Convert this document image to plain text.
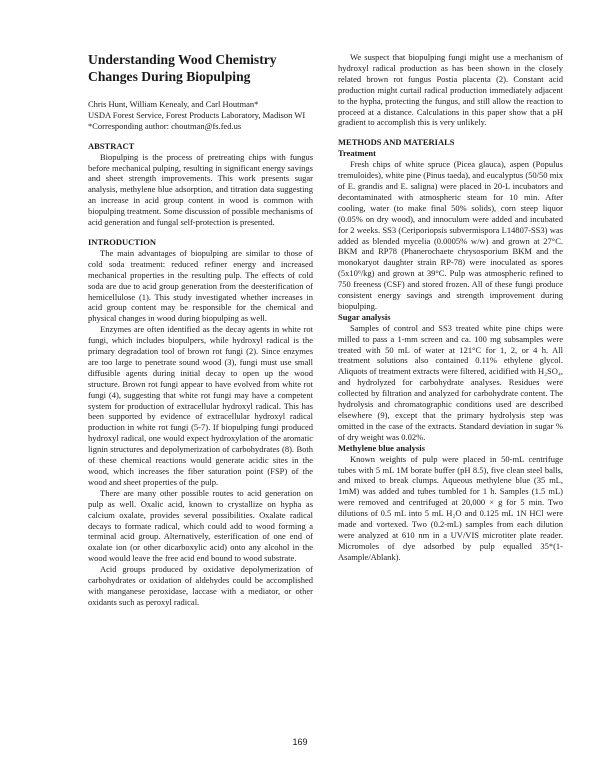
Understanding Wood Chemistry Changes During Biopulping
Chris Hunt, William Kenealy, and Carl Houtman*
USDA Forest Service, Forest Products Laboratory, Madison WI
*Corresponding author: choutman@fs.fed.us
ABSTRACT

Biopulping is the process of pretreating chips with fungus before mechanical pulping, resulting in significant energy savings and sheet strength improvements. This work presents sugar analysis, methylene blue adsorption, and titration data suggesting an increase in acid group content in wood is common with biopulping treatment. Some discussion of possible mechanisms of acid generation and fungal self-protection is presented.

INTRODUCTION

The main advantages of biopulping are similar to those of cold soda treatment: reduced refiner energy and increased mechanical properties in the resulting pulp. The effects of cold soda are due to acid group generation from the deesterification of hemicellulose (1). This study investigated whether increases in acid group content may be responsible for the chemical and physical changes in wood during biopulping as well.

Enzymes are often identified as the decay agents in white rot fungi, which includes biopulpers, while hydroxyl radical is the primary degradation tool of brown rot fungi (2). Since enzymes are too large to penetrate sound wood (3), fungi must use small diffusible agents during initial decay to open up the wood structure. Brown rot fungi appear to have evolved from white rot fungi (4), suggesting that white rot fungi may have a competent system for production of extracellular hydroxyl radical. This has been supported by evidence of extracellular hydroxyl radical production in white rot fungi (5-7). If biopulping fungi produced hydroxyl radical, one would expect hydroxylation of the aromatic lignin structures and depolymerization of carbohydrates (8). Both of these chemical reactions would generate acidic sites in the wood, which increases the fiber saturation point (FSP) of the wood and sheet properties of the pulp.

There are many other possible routes to acid generation on pulp as well. Oxalic acid, known to crystallize on hypha as calcium oxalate, provides several possibilities. Oxalate radical decays to formate radical, which could add to wood forming a terminal acid group. Alternatively, esterification of one end of oxalate ion (or other dicarboxylic acid) onto any alcohol in the wood would leave the free acid end bound to wood substrate.

Acid groups produced by oxidative depolymerization of carbohydrates or oxidation of aldehydes could be accomplished with manganese peroxidase, laccase with a mediator, or other oxidants such as peroxyl radical.

We suspect that biopulping fungi might use a mechanism of hydroxyl radical production as has been shown in the closely related brown rot fungus Postia placenta (2). Constant acid production might curtail radical production immediately adjacent to the hypha, protecting the fungus, and still allow the reaction to proceed at a distance. Calculations in this paper show that a pH gradient to accomplish this is very unlikely.

METHODS AND MATERIALS
Treatment

Fresh chips of white spruce (Picea glauca), aspen (Populus tremuloides), white pine (Pinus taeda), and eucalyptus (50/50 mix of E. grandis and E. saligna) were placed in 20-L incubators and decontaminated with atmospheric steam for 10 min. After cooling, water (to make final 50% solids), corn steep liquor (0.05% on dry wood), and innoculum were added and incubated for 2 weeks. SS3 (Ceriporiopsis subvermispora L14807-SS3) was added as blended mycelia (0.0005% w/w) and grown at 27°C. BKM and RP78 (Phanerochaete chrysosporium BKM and the monokaryot daughter strain RP-78) were inoculated as spores (5x10⁶/kg) and grown at 39°C. Pulp was atmospheric refined to 750 freeness (CSF) and stored frozen. All of these fungi produce consistent energy savings and strength improvement during biopulping.

Sugar analysis

Samples of control and SS3 treated white pine chips were milled to pass a 1-mm screen and ca. 100 mg subsamples were treated with 50 mL of water at 121°C for 1, 2, or 4 h. All treatment solutions also contained 0.11% ethylene glycol. Aliquots of treatment extracts were filtered, acidified with H₂SO₄, and hydrolyzed for carbohydrate analyses. Residues were collected by filtration and analyzed for carbohydrate content. The hydrolysis and chromatographic conditions used are described elsewhere (9), except that the primary hydrolysis step was omitted in the case of the extracts. Standard deviation in sugar % of dry weight was 0.02%.

Methylene blue analysis

Known weights of pulp were placed in 50-mL centrifuge tubes with 5 mL 1M borate buffer (pH 8.5), five clean steel balls, and mixed to break clumps. Aqueous methylene blue (35 mL, 1mM) was added and tubes tumbled for 1 h. Samples (1.5 mL) were removed and centrifuged at 20,000 × g for 5 min. Two dilutions of 0.5 mL into 5 mL H₂O and 0.125 mL 1N HCl were made and vortexed. Two (0.2-mL) samples from each dilution were analyzed at 610 nm in a UV/VIS microtiter plate reader. Micromoles of dye adsorbed by pulp equalled 35*(1-Asample/Ablank).

169
